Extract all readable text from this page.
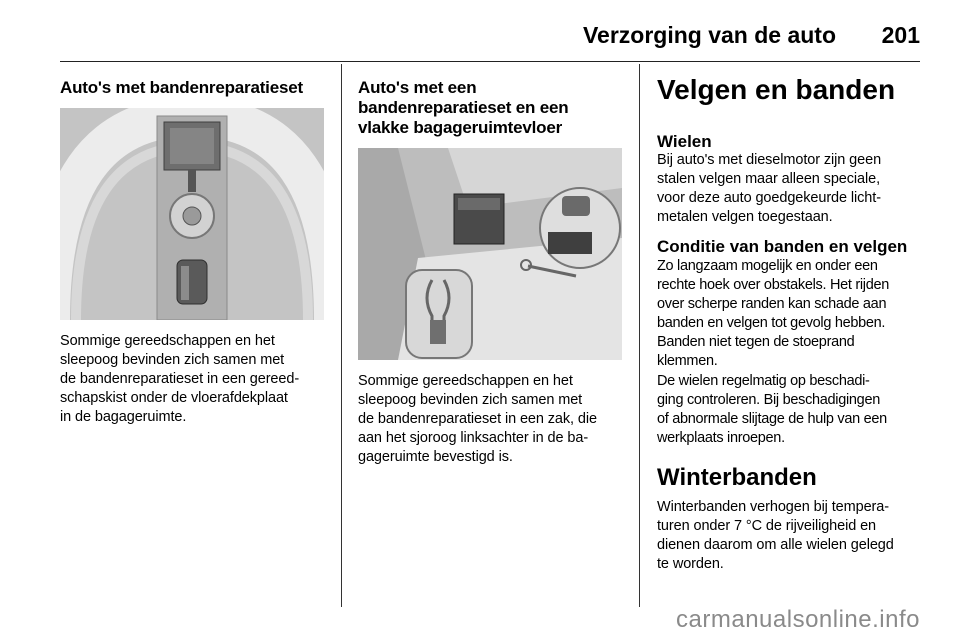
Verzorging van de auto 201
Auto's met bandenreparatieset

Sommige gereedschappen en het
sleepoog bevinden zich samen met
de bandenreparatieset in een gereed-
schapskist onder de vloerafdekplaat
in de bagageruimte.

Auto's met een
bandenreparatieset en een
vlakke bagageruimtevloer

Sommige gereedschappen en het
sleepoog bevinden zich samen met
de bandenreparatieset in een zak, die
aan het sjoroog linksachter in de ba-
gageruimte bevestigd is.

Velgen en banden
Wielen

Bij auto's met dieselmotor zijn geen
stalen velgen maar alleen speciale,
voor deze auto goedgekeurde licht-
metalen velgen toegestaan.

Conditie van banden en velgen

Zo langzaam mogelijk en onder een
rechte hoek over obstakels. Het rijden
over scherpe randen kan schade aan
banden en velgen tot gevolg hebben.
Banden niet tegen de stoeprand
klemmen.

De wielen regelmatig op beschadi-
ging controleren. Bij beschadigingen
of abnormale slijtage de hulp van een
werkplaats inroepen.

Winterbanden

Winterbanden verhogen bij tempera-
turen onder 7 °C de rijveiligheid en
dienen daarom om alle wielen gelegd
te worden.

carmanualsonline.info
